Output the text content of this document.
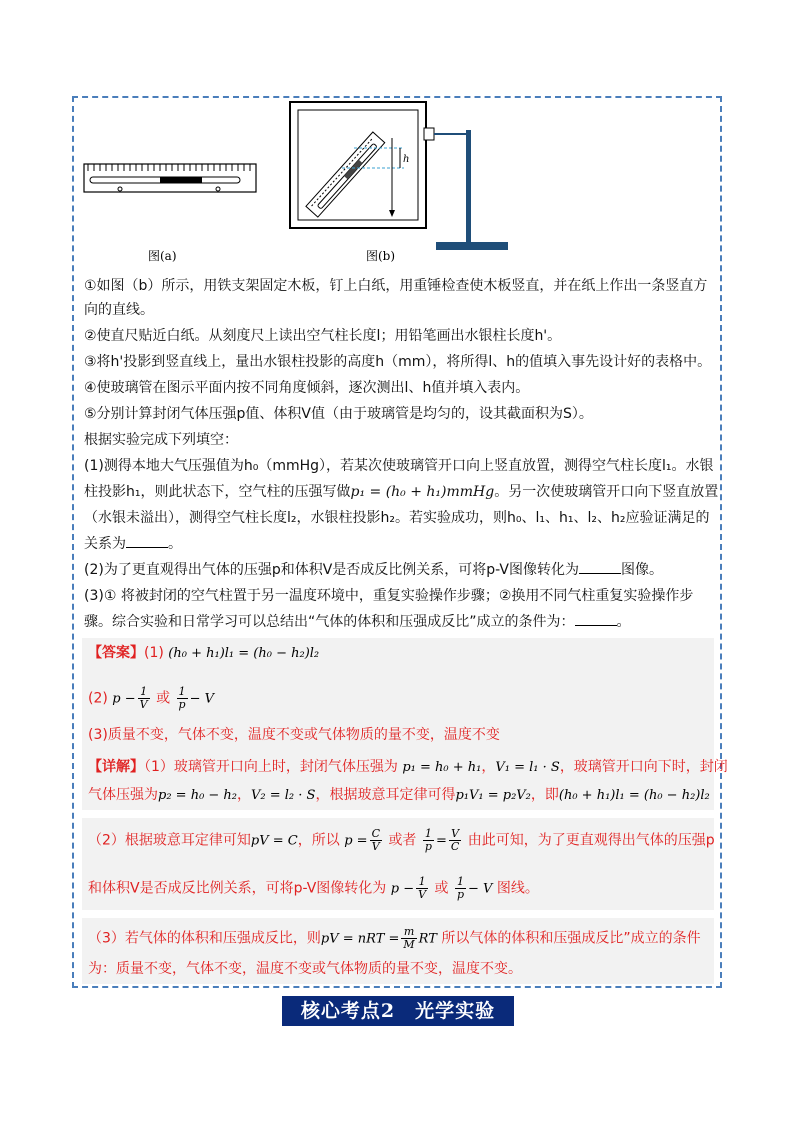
图(a)
h
图(b)
①如图（b）所示，用铁支架固定木板，钉上白纸，用重锤检查使木板竖直，并在纸上作出一条竖直方
向的直线。
②使直尺贴近白纸。从刻度尺上读出空气柱长度l；用铅笔画出水银柱长度h'。
③将h'投影到竖直线上，量出水银柱投影的高度h（mm），将所得l、h的值填入事先设计好的表格中。
④使玻璃管在图示平面内按不同角度倾斜，逐次测出l、h值并填入表内。
⑤分别计算封闭气体压强p值、体积V值（由于玻璃管是均匀的，设其截面积为S）。
根据实验完成下列填空：
(1)测得本地大气压强值为h₀（mmHg），若某次使玻璃管开口向上竖直放置，测得空气柱长度l₁。水银
柱投影h₁，则此状态下，空气柱的压强写做p₁ = (h₀ + h₁)mmHg。另一次使玻璃管开口向下竖直放置
（水银未溢出），测得空气柱长度l₂，水银柱投影h₂。若实验成功，则h₀、l₁、h₁、l₂、h₂应验证满足的
关系为	。
(2)为了更直观得出气体的压强p和体积V是否成反比例关系，可将p-V图像转化为	图像。
(3)① 将被封闭的空气柱置于另一温度环境中，重复实验操作步骤；②换用不同气柱重复实验操作步
骤。综合实验和日常学习可以总结出“气体的体积和压强成反比”成立的条件为：	。
【答案】(1) (h₀ + h₁)l₁ = (h₀ − h₂)l₂
(2) $p - \frac{1}{V}$ 或 $\frac{1}{p} - V$
(3)质量不变，气体不变，温度不变或气体物质的量不变，温度不变
【详解】（1）玻璃管开口向上时，封闭气体压强为 p₁ = h₀ + h₁，V₁ = l₁ · S，玻璃管开口向下时，封闭
气体压强为p₂ = h₀ − h₂，V₂ = l₂ · S，根据玻意耳定律可得p₁V₁ = p₂V₂，即(h₀ + h₁)l₁ = (h₀ − h₂)l₂
（2）根据玻意耳定律可知pV = C，所以 $p = \frac{C}{V}$ 或者 $\frac{1}{p} = \frac{V}{C}$ 由此可知，为了更直观得出气体的压强p
和体积V是否成反比例关系，可将p-V图像转化为 $p - \frac{1}{V}$ 或 $\frac{1}{p} - V$ 图线。
（3）若气体的体积和压强成反比，则pV = nRT = $\frac{m}{M}$ RT 所以气体的体积和压强成反比”成立的条件
为：质量不变，气体不变，温度不变或气体物质的量不变，温度不变。
核心考点2　光学实验
